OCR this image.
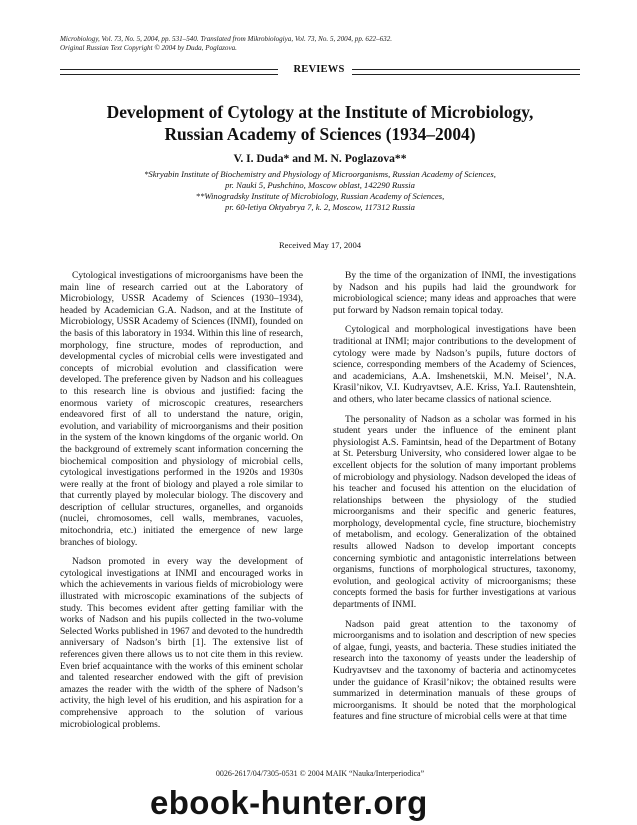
Microbiology, Vol. 73, No. 5, 2004, pp. 531–540. Translated from Mikrobiologiya, Vol. 73, No. 5, 2004, pp. 622–632.
Original Russian Text Copyright © 2004 by Duda, Poglazova.
REVIEWS
Development of Cytology at the Institute of Microbiology,
Russian Academy of Sciences (1934–2004)
V. I. Duda* and M. N. Poglazova**
*Skryabin Institute of Biochemistry and Physiology of Microorganisms, Russian Academy of Sciences,
pr. Nauki 5, Pushchino, Moscow oblast, 142290 Russia
**Winogradsky Institute of Microbiology, Russian Academy of Sciences,
pr. 60-letiya Oktyabrya 7, k. 2, Moscow, 117312 Russia
Received May 17, 2004

Cytological investigations of microorganisms have been the main line of research carried out at the Laboratory of Microbiology, USSR Academy of Sciences (1930–1934), headed by Academician G.A. Nadson, and at the Institute of Microbiology, USSR Academy of Sciences (INMI), founded on the basis of this laboratory in 1934. Within this line of research, morphology, fine structure, modes of reproduction, and developmental cycles of microbial cells were investigated and concepts of microbial evolution and classification were developed. The preference given by Nadson and his colleagues to this research line is obvious and justified: facing the enormous variety of microscopic creatures, researchers endeavored first of all to understand the nature, origin, evolution, and variability of microorganisms and their position in the system of the known kingdoms of the organic world. On the background of extremely scant information concerning the biochemical composition and physiology of microbial cells, cytological investigations performed in the 1920s and 1930s were really at the front of biology and played a role similar to that currently played by molecular biology. The discovery and description of cellular structures, organelles, and organoids (nuclei, chromosomes, cell walls, membranes, vacuoles, mitochondria, etc.) initiated the emergence of new large branches of biology.

Nadson promoted in every way the development of cytological investigations at INMI and encouraged works in which the achievements in various fields of microbiology were illustrated with microscopic examinations of the subjects of study. This becomes evident after getting familiar with the works of Nadson and his pupils collected in the two-volume Selected Works published in 1967 and devoted to the hundredth anniversary of Nadson’s birth [1]. The extensive list of references given there allows us to not cite them in this review. Even brief acquaintance with the works of this eminent scholar and talented researcher endowed with the gift of prevision amazes the reader with the width of the sphere of Nadson’s activity, the high level of his erudition, and his aspiration for a comprehensive approach to the solution of various microbiological problems.

By the time of the organization of INMI, the investigations by Nadson and his pupils had laid the groundwork for microbiological science; many ideas and approaches that were put forward by Nadson remain topical today.

Cytological and morphological investigations have been traditional at INMI; major contributions to the development of cytology were made by Nadson’s pupils, future doctors of science, corresponding members of the Academy of Sciences, and academicians, A.A. Imshenetskii, M.N. Meisel’, N.A. Krasil’nikov, V.I. Kudryavtsev, A.E. Kriss, Ya.I. Rautenshtein, and others, who later became classics of national science.

The personality of Nadson as a scholar was formed in his student years under the influence of the eminent plant physiologist A.S. Famintsin, head of the Department of Botany at St. Petersburg University, who considered lower algae to be excellent objects for the solution of many important problems of microbiology and physiology. Nadson developed the ideas of his teacher and focused his attention on the elucidation of relationships between the physiology of the studied microorganisms and their specific and generic features, morphology, developmental cycle, fine structure, biochemistry of metabolism, and ecology. Generalization of the obtained results allowed Nadson to develop important concepts concerning symbiotic and antagonistic interrelations between organisms, functions of morphological structures, taxonomy, evolution, and geological activity of microorganisms; these concepts formed the basis for further investigations at various departments of INMI.

Nadson paid great attention to the taxonomy of microorganisms and to isolation and description of new species of algae, fungi, yeasts, and bacteria. These studies initiated the research into the taxonomy of yeasts under the leadership of Kudryavtsev and the taxonomy of bacteria and actinomycetes under the guidance of Krasil’nikov; the obtained results were summarized in determination manuals of these groups of microorganisms. It should be noted that the morphological features and fine structure of microbial cells were at that time

0026-2617/04/7305-0531 © 2004 MAIK “Nauka/Interperiodica”
ebook-hunter.org
